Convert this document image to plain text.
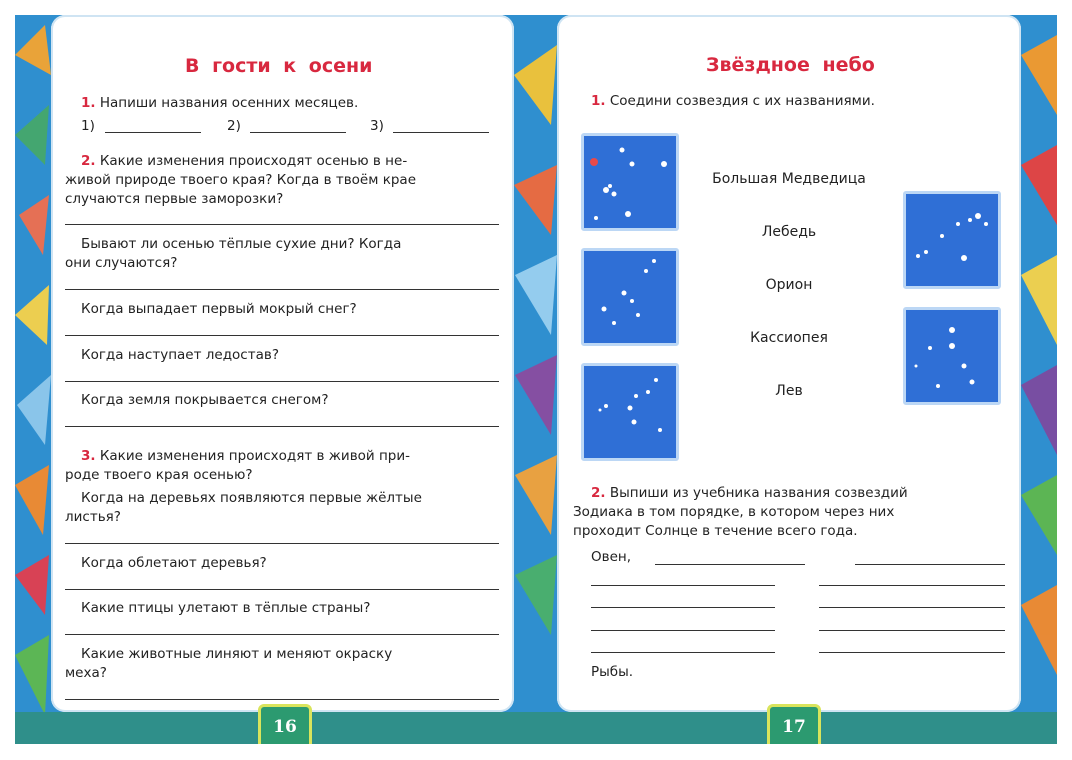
В гости к осени
1. Напиши названия осенних месяцев.
1)	2)	3)
2. Какие изменения происходят осенью в не-
живой природе твоего края? Когда в твоём крае
случаются первые заморозки?
Бывают ли осенью тёплые сухие дни? Когда
они случаются?
Когда выпадает первый мокрый снег?
Когда наступает ледостав?
Когда земля покрывается снегом?
3. Какие изменения происходят в живой при-
роде твоего края осенью?
Когда на деревьях появляются первые жёлтые
листья?
Когда облетают деревья?
Какие птицы улетают в тёплые страны?
Какие животные линяют и меняют окраску
меха?
16
Звёздное небо
1. Соедини созвездия с их названиями.
Большая Медведица
Лебедь
Орион
Кассиопея
Лев
2. Выпиши из учебника названия созвездий
Зодиака в том порядке, в котором через них
проходит Солнце в течение всего года.
Овен,
Рыбы.
17
